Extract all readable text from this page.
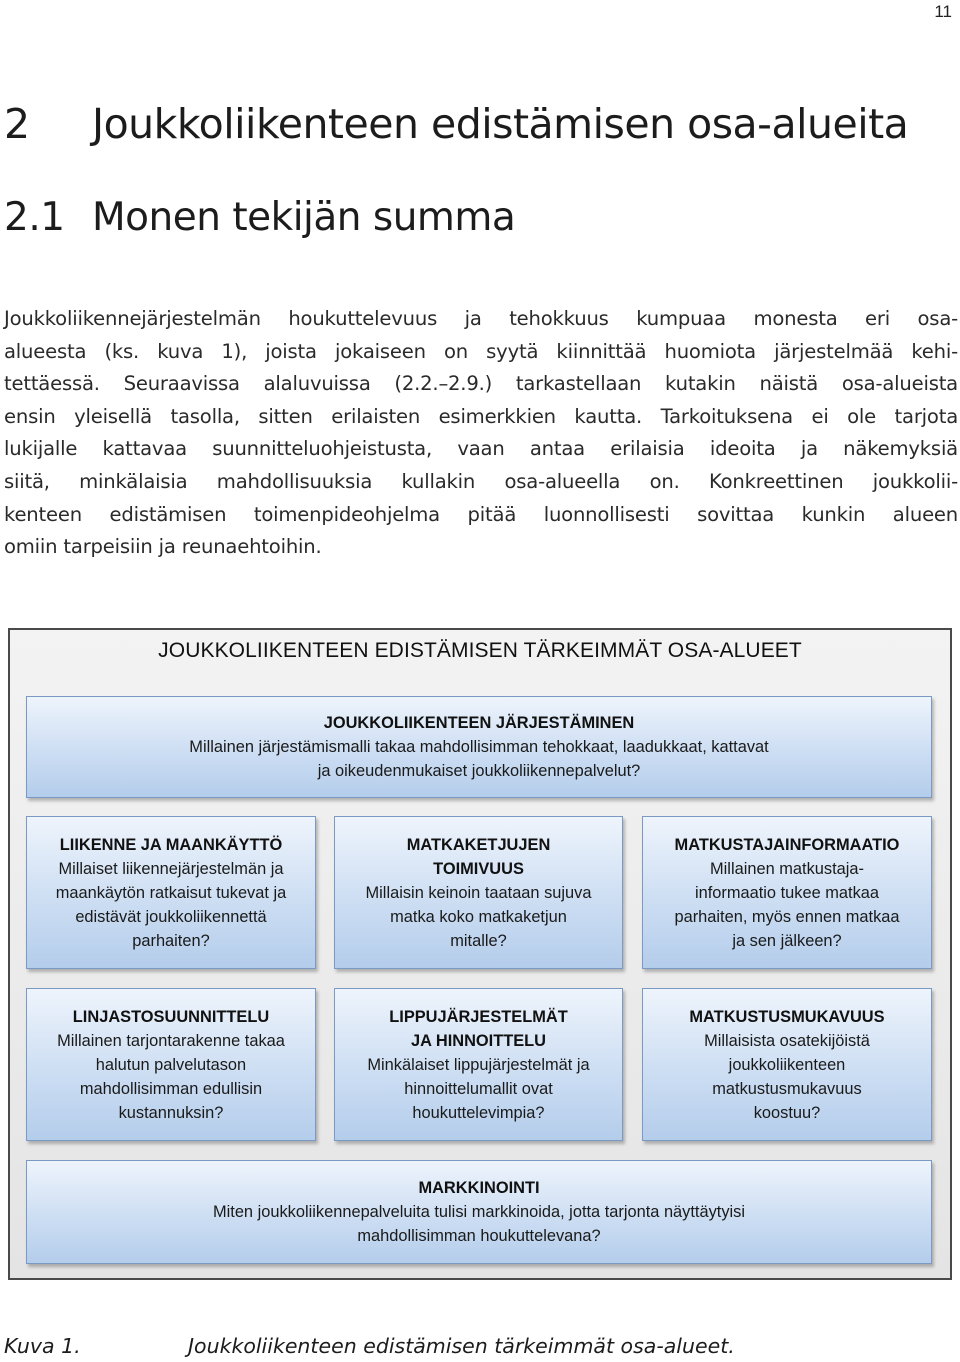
11
2 Joukkoliikenteen edistämisen osa-alueita
2.1 Monen tekijän summa

Joukkoliikennejärjestelmän houkuttelevuus ja tehokkuus kumpuaa monesta eri osa-
alueesta (ks. kuva 1), joista jokaiseen on syytä kiinnittää huomiota järjestelmää kehi-
tettäessä. Seuraavissa alaluvuissa (2.2.–2.9.) tarkastellaan kutakin näistä osa-alueista
ensin yleisellä tasolla, sitten erilaisten esimerkkien kautta. Tarkoituksena ei ole tarjota
lukijalle kattavaa suunnitteluohjeistusta, vaan antaa erilaisia ideoita ja näkemyksiä
siitä, minkälaisia mahdollisuuksia kullakin osa-alueella on. Konkreettinen joukkolii-
kenteen edistämisen toimenpideohjelma pitää luonnollisesti sovittaa kunkin alueen
omiin tarpeisiin ja reunaehtoihin.

JOUKKOLIIKENTEEN EDISTÄMISEN TÄRKEIMMÄT OSA-ALUEET
JOUKKOLIIKENTEEN JÄRJESTÄMINEN
Millainen järjestämismalli takaa mahdollisimman tehokkaat, laadukkaat, kattavat
ja oikeudenmukaiset joukkoliikennepalvelut?
LIIKENNE JA MAANKÄYTTÖ
Millaiset liikennejärjestelmän ja
maankäytön ratkaisut tukevat ja
edistävät joukkoliikennettä
parhaiten?
MATKAKETJUJEN
TOIMIVUUS
Millaisin keinoin taataan sujuva
matka koko matkaketjun
mitalle?
MATKUSTAJAINFORMAATIO
Millainen matkustaja-
informaatio tukee matkaa
parhaiten, myös ennen matkaa
ja sen jälkeen?
LINJASTOSUUNNITTELU
Millainen tarjontarakenne takaa
halutun palvelutason
mahdollisimman edullisin
kustannuksin?
LIPPUJÄRJESTELMÄT
JA HINNOITTELU
Minkälaiset lippujärjestelmät ja
hinnoittelumallit ovat
houkuttelevimpia?
MATKUSTUSMUKAVUUS
Millaisista osatekijöistä
joukkoliikenteen
matkustusmukavuus
koostuu?
MARKKINOINTI
Miten joukkoliikennepalveluita tulisi markkinoida, jotta tarjonta näyttäytyisi
mahdollisimman houkuttelevana?
Kuva 1.	Joukkoliikenteen edistämisen tärkeimmät osa-alueet.
